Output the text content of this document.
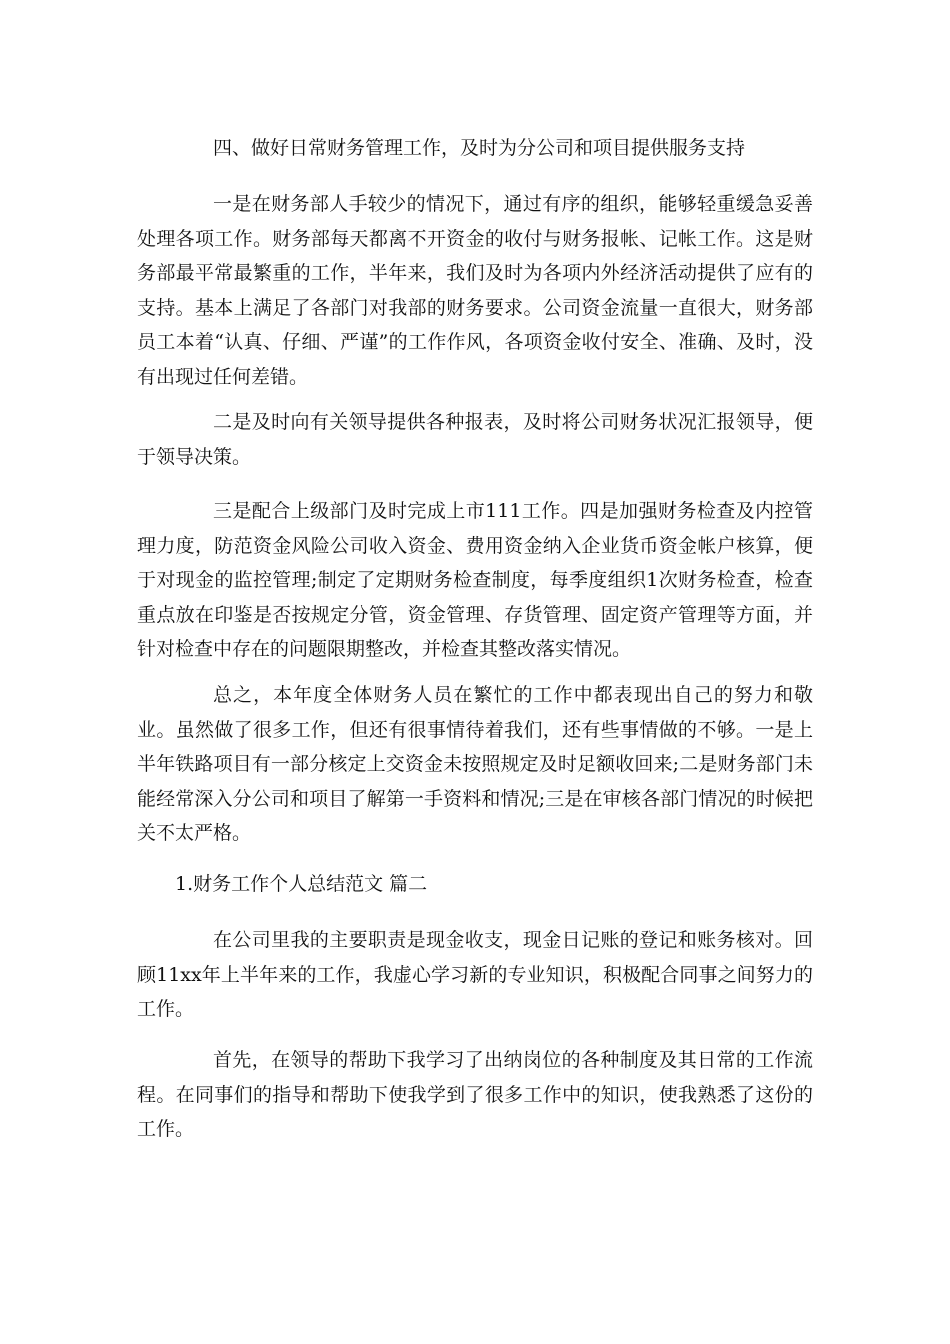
四、做好日常财务管理工作，及时为分公司和项目提供服务支持

一是在财务部人手较少的情况下，通过有序的组织，能够轻重缓急妥善处理各项工作。财务部每天都离不开资金的收付与财务报帐、记帐工作。这是财务部最平常最繁重的工作，半年来，我们及时为各项内外经济活动提供了应有的支持。基本上满足了各部门对我部的财务要求。公司资金流量一直很大，财务部员工本着“认真、仔细、严谨”的工作作风，各项资金收付安全、准确、及时，没有出现过任何差错。

二是及时向有关领导提供各种报表，及时将公司财务状况汇报领导，便于领导决策。

三是配合上级部门及时完成上市111工作。四是加强财务检查及内控管理力度，防范资金风险公司收入资金、费用资金纳入企业货币资金帐户核算，便于对现金的监控管理;制定了定期财务检查制度，每季度组织1次财务检查，检查重点放在印鉴是否按规定分管，资金管理、存货管理、固定资产管理等方面，并针对检查中存在的问题限期整改，并检查其整改落实情况。

总之，本年度全体财务人员在繁忙的工作中都表现出自己的努力和敬业。虽然做了很多工作，但还有很事情待着我们，还有些事情做的不够。一是上半年铁路项目有一部分核定上交资金未按照规定及时足额收回来;二是财务部门未能经常深入分公司和项目了解第一手资料和情况;三是在审核各部门情况的时候把关不太严格。

1.财务工作个人总结范文 篇二

在公司里我的主要职责是现金收支，现金日记账的登记和账务核对。回顾11xx年上半年来的工作，我虚心学习新的专业知识，积极配合同事之间努力的工作。

首先，在领导的帮助下我学习了出纳岗位的各种制度及其日常的工作流程。在同事们的指导和帮助下使我学到了很多工作中的知识，使我熟悉了这份的工作。
